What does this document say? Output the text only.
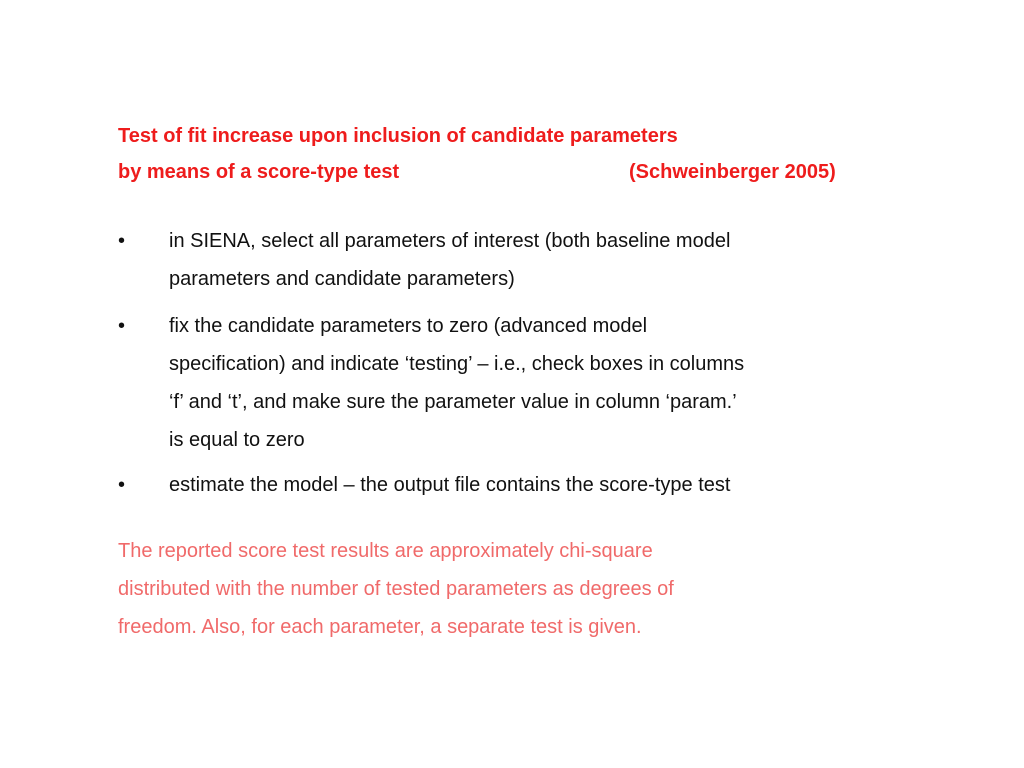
Test of fit increase upon inclusion of candidate parameters
by means of a score-type test	(Schweinberger 2005)
• in SIENA, select all parameters of interest (both baseline model
parameters and candidate parameters)
• fix the candidate parameters to zero (advanced model
specification) and indicate ‘testing’ – i.e., check boxes in columns
‘f’ and ‘t’, and make sure the parameter value in column ‘param.’
is equal to zero
• estimate the model – the output file contains the score-type test
The reported score test results are approximately chi-square
distributed with the number of tested parameters as degrees of
freedom. Also, for each parameter, a separate test is given.
